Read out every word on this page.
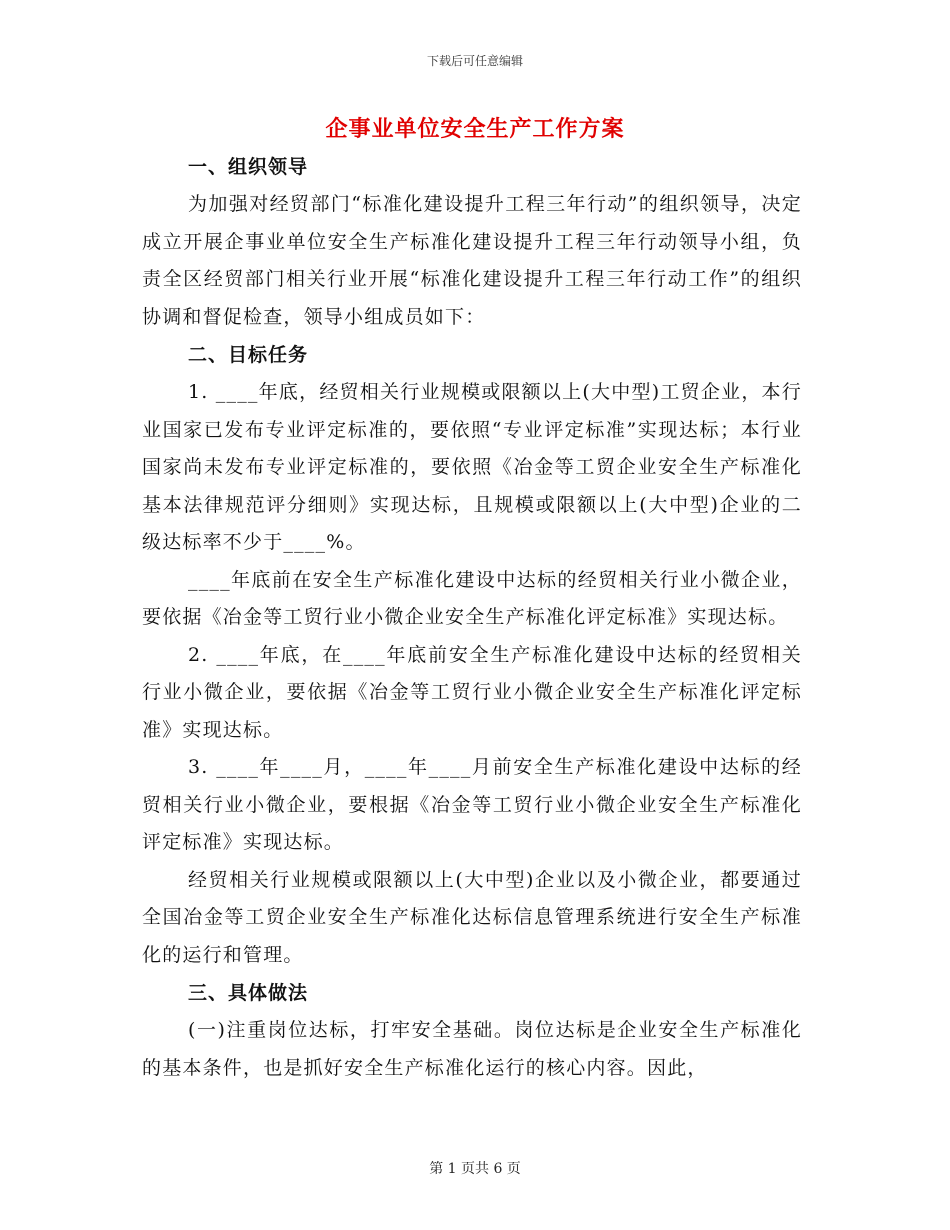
下载后可任意编辑
企事业单位安全生产工作方案
一、组织领导

为加强对经贸部门“标准化建设提升工程三年行动”的组织领导，决定成立开展企事业单位安全生产标准化建设提升工程三年行动领导小组，负责全区经贸部门相关行业开展“标准化建设提升工程三年行动工作”的组织协调和督促检查，领导小组成员如下：

二、目标任务

1. ____年底，经贸相关行业规模或限额以上(大中型)工贸企业，本行业国家已发布专业评定标准的，要依照“专业评定标准”实现达标；本行业国家尚未发布专业评定标准的，要依照《冶金等工贸企业安全生产标准化基本法律规范评分细则》实现达标，且规模或限额以上(大中型)企业的二级达标率不少于____%。

____年底前在安全生产标准化建设中达标的经贸相关行业小微企业，要依据《冶金等工贸行业小微企业安全生产标准化评定标准》实现达标。

2. ____年底，在____年底前安全生产标准化建设中达标的经贸相关行业小微企业，要依据《冶金等工贸行业小微企业安全生产标准化评定标准》实现达标。

3. ____年____月，____年____月前安全生产标准化建设中达标的经贸相关行业小微企业，要根据《冶金等工贸行业小微企业安全生产标准化评定标准》实现达标。

经贸相关行业规模或限额以上(大中型)企业以及小微企业，都要通过全国冶金等工贸企业安全生产标准化达标信息管理系统进行安全生产标准化的运行和管理。

三、具体做法

(一)注重岗位达标，打牢安全基础。岗位达标是企业安全生产标准化的基本条件，也是抓好安全生产标准化运行的核心内容。因此，

第 1 页共 6 页
